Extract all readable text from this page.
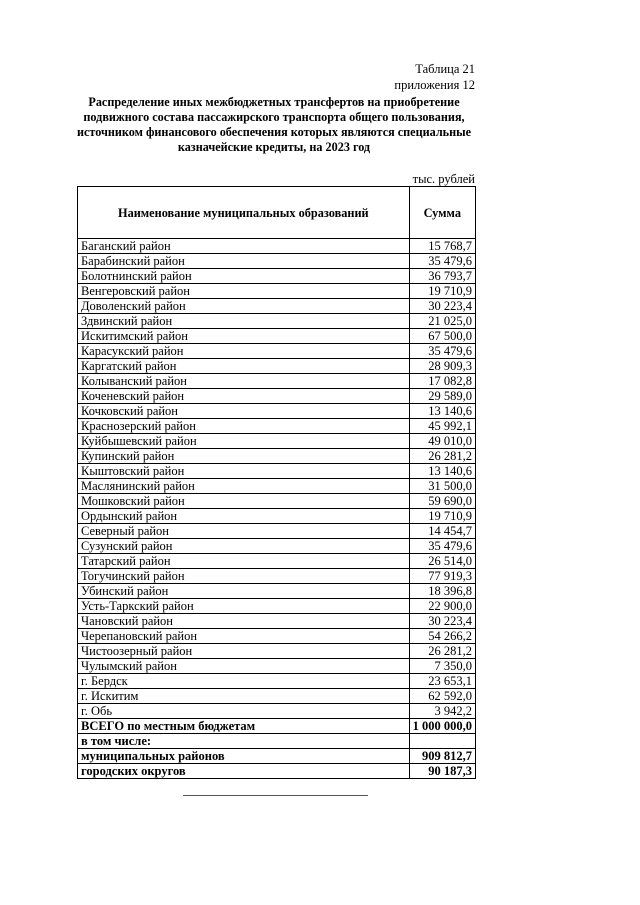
Таблица 21
приложения 12
Распределение иных межбюджетных трансфертов на приобретение подвижного состава пассажирского транспорта общего пользования, источником финансового обеспечения которых являются специальные казначейские кредиты, на 2023 год
тыс. рублей
Наименование муниципальных образований	Сумма
Баганский район	15 768,7
Барабинский район	35 479,6
Болотнинский район	36 793,7
Венгеровский район	19 710,9
Доволенский район	30 223,4
Здвинский район	21 025,0
Искитимский район	67 500,0
Карасукский район	35 479,6
Каргатский район	28 909,3
Колыванский район	17 082,8
Коченевский район	29 589,0
Кочковский район	13 140,6
Краснозерский район	45 992,1
Куйбышевский район	49 010,0
Купинский район	26 281,2
Кыштовский район	13 140,6
Маслянинский район	31 500,0
Мошковский район	59 690,0
Ордынский район	19 710,9
Северный район	14 454,7
Сузунский район	35 479,6
Татарский район	26 514,0
Тогучинский район	77 919,3
Убинский район	18 396,8
Усть-Таркский район	22 900,0
Чановский район	30 223,4
Черепановский район	54 266,2
Чистоозерный район	26 281,2
Чулымский район	7 350,0
г. Бердск	23 653,1
г. Искитим	62 592,0
г. Обь	3 942,2
ВСЕГО по местным бюджетам	1 000 000,0
в том числе:	
муниципальных районов	909 812,7
городских округов	90 187,3
